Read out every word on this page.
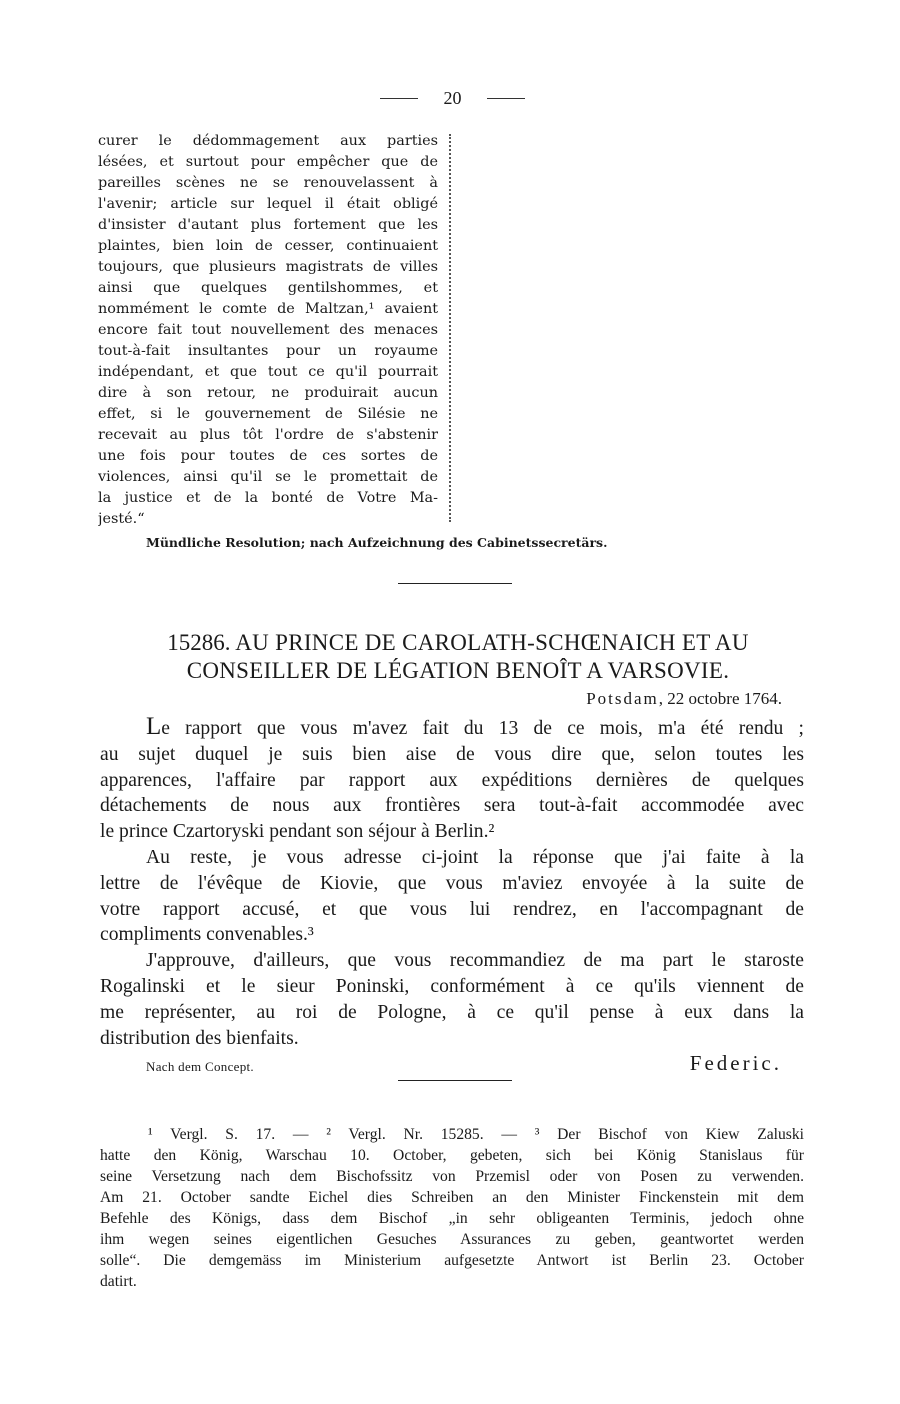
20
curer le dédommagement aux parties
lésées, et surtout pour empêcher que de
pareilles scènes ne se renouvelassent à
l'avenir; article sur lequel il était obligé
d'insister d'autant plus fortement que les
plaintes, bien loin de cesser, continuaient
toujours, que plusieurs magistrats de villes
ainsi que quelques gentilshommes, et
nommément le comte de Maltzan,¹ avaient
encore fait tout nouvellement des menaces
tout-à-fait insultantes pour un royaume
indépendant, et que tout ce qu'il pourrait
dire à son retour, ne produirait aucun
effet, si le gouvernement de Silésie ne
recevait au plus tôt l'ordre de s'abstenir
une fois pour toutes de ces sortes de
violences, ainsi qu'il se le promettait de
la justice et de la bonté de Votre Ma-
jesté.“
Mündliche Resolution; nach Aufzeichnung des Cabinetssecretärs.
15286. AU PRINCE DE CAROLATH-SCHŒNAICH ET AU
CONSEILLER DE LÉGATION BENOÎT A VARSOVIE.
Potsdam, 22 octobre 1764.
Le rapport que vous m'avez fait du 13 de ce mois, m'a été rendu ;
au sujet duquel je suis bien aise de vous dire que, selon toutes les
apparences, l'affaire par rapport aux expéditions dernières de quelques
détachements de nous aux frontières sera tout-à-fait accommodée avec
le prince Czartoryski pendant son séjour à Berlin.²
Au reste, je vous adresse ci-joint la réponse que j'ai faite à la
lettre de l'évêque de Kiovie, que vous m'aviez envoyée à la suite de
votre rapport accusé, et que vous lui rendrez, en l'accompagnant de
compliments convenables.³
J'approuve, d'ailleurs, que vous recommandiez de ma part le staroste
Rogalinski et le sieur Poninski, conformément à ce qu'ils viennent de
me représenter, au roi de Pologne, à ce qu'il pense à eux dans la
distribution des bienfaits.
Nach dem Concept.	Federic.
¹ Vergl. S. 17. — ² Vergl. Nr. 15285. — ³ Der Bischof von Kiew Zaluski
hatte den König, Warschau 10. October, gebeten, sich bei König Stanislaus für
seine Versetzung nach dem Bischofssitz von Przemisl oder von Posen zu verwenden.
Am 21. October sandte Eichel dies Schreiben an den Minister Finckenstein mit dem
Befehle des Königs, dass dem Bischof „in sehr obligeanten Terminis, jedoch ohne
ihm wegen seines eigentlichen Gesuches Assurances zu geben, geantwortet werden
solle“. Die demgemäss im Ministerium aufgesetzte Antwort ist Berlin 23. October
datirt.
